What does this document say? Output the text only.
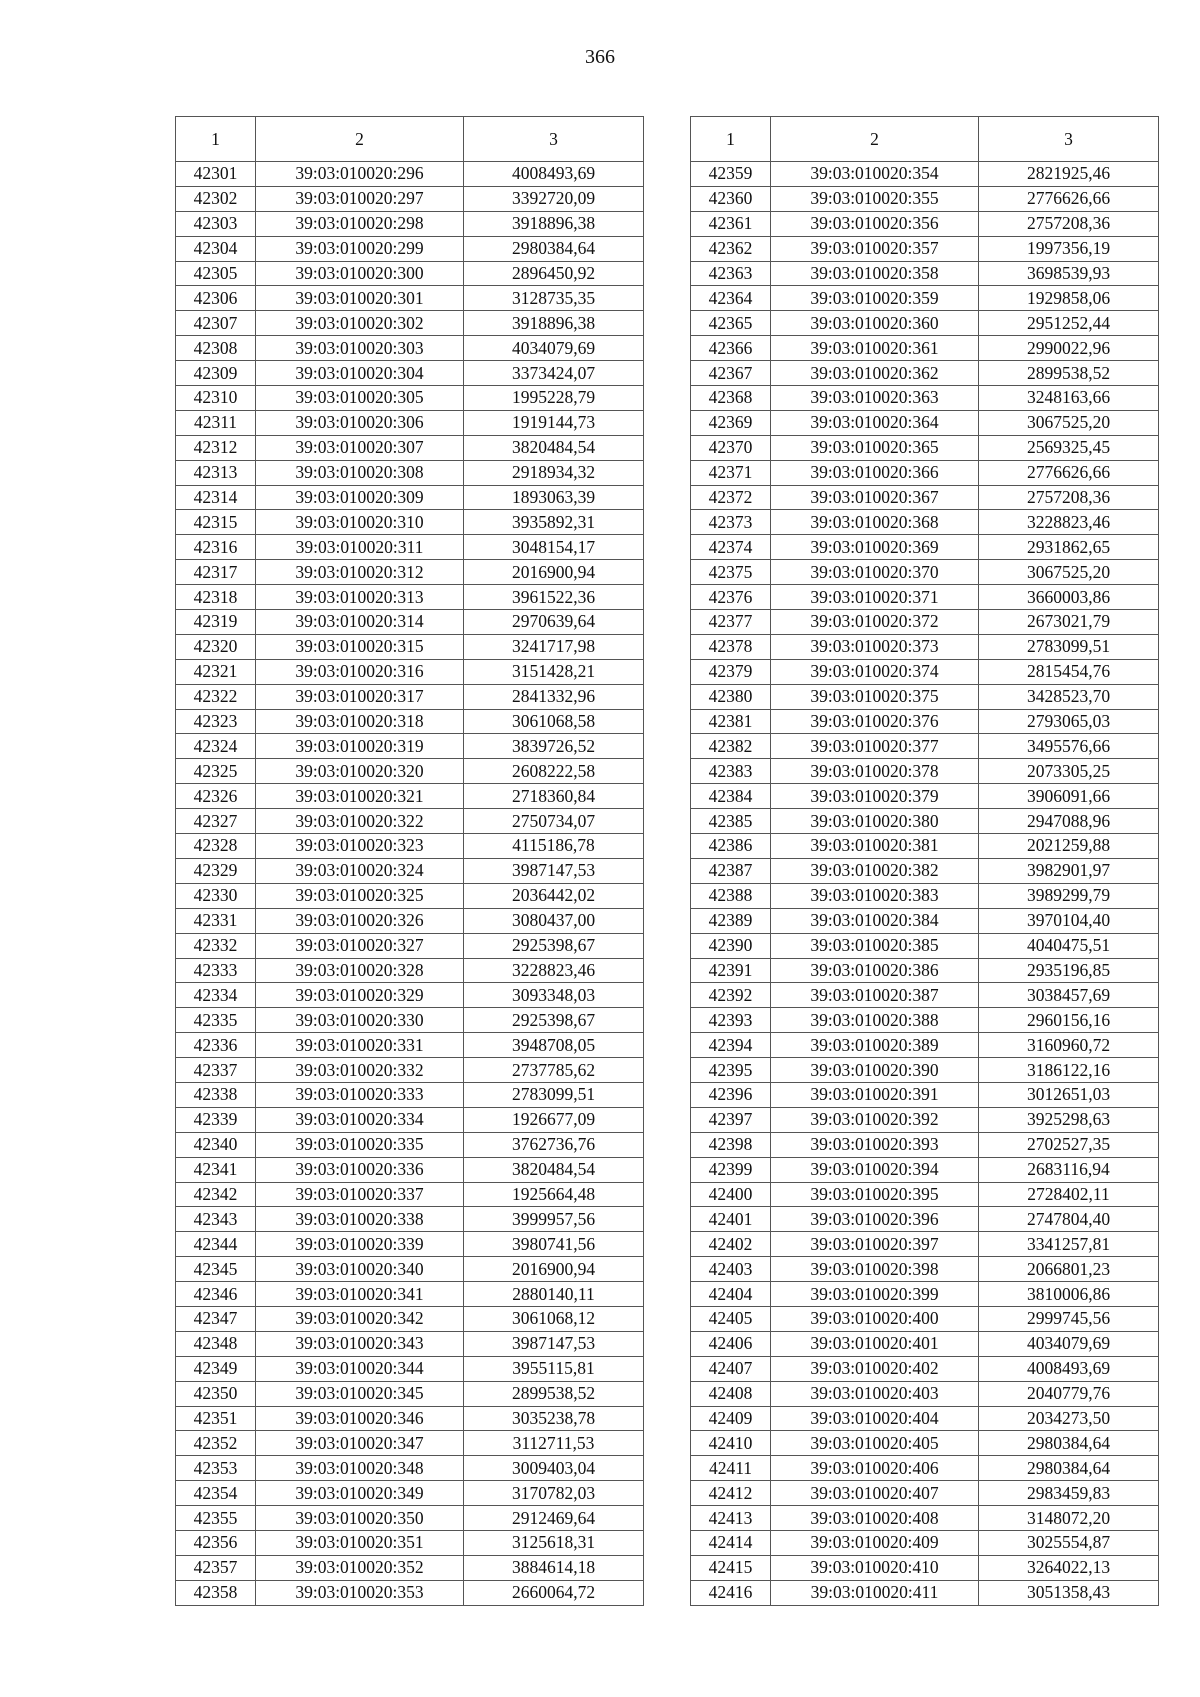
366
1	2	3
42301	39:03:010020:296	4008493,69
42302	39:03:010020:297	3392720,09
42303	39:03:010020:298	3918896,38
42304	39:03:010020:299	2980384,64
42305	39:03:010020:300	2896450,92
42306	39:03:010020:301	3128735,35
42307	39:03:010020:302	3918896,38
42308	39:03:010020:303	4034079,69
42309	39:03:010020:304	3373424,07
42310	39:03:010020:305	1995228,79
42311	39:03:010020:306	1919144,73
42312	39:03:010020:307	3820484,54
42313	39:03:010020:308	2918934,32
42314	39:03:010020:309	1893063,39
42315	39:03:010020:310	3935892,31
42316	39:03:010020:311	3048154,17
42317	39:03:010020:312	2016900,94
42318	39:03:010020:313	3961522,36
42319	39:03:010020:314	2970639,64
42320	39:03:010020:315	3241717,98
42321	39:03:010020:316	3151428,21
42322	39:03:010020:317	2841332,96
42323	39:03:010020:318	3061068,58
42324	39:03:010020:319	3839726,52
42325	39:03:010020:320	2608222,58
42326	39:03:010020:321	2718360,84
42327	39:03:010020:322	2750734,07
42328	39:03:010020:323	4115186,78
42329	39:03:010020:324	3987147,53
42330	39:03:010020:325	2036442,02
42331	39:03:010020:326	3080437,00
42332	39:03:010020:327	2925398,67
42333	39:03:010020:328	3228823,46
42334	39:03:010020:329	3093348,03
42335	39:03:010020:330	2925398,67
42336	39:03:010020:331	3948708,05
42337	39:03:010020:332	2737785,62
42338	39:03:010020:333	2783099,51
42339	39:03:010020:334	1926677,09
42340	39:03:010020:335	3762736,76
42341	39:03:010020:336	3820484,54
42342	39:03:010020:337	1925664,48
42343	39:03:010020:338	3999957,56
42344	39:03:010020:339	3980741,56
42345	39:03:010020:340	2016900,94
42346	39:03:010020:341	2880140,11
42347	39:03:010020:342	3061068,12
42348	39:03:010020:343	3987147,53
42349	39:03:010020:344	3955115,81
42350	39:03:010020:345	2899538,52
42351	39:03:010020:346	3035238,78
42352	39:03:010020:347	3112711,53
42353	39:03:010020:348	3009403,04
42354	39:03:010020:349	3170782,03
42355	39:03:010020:350	2912469,64
42356	39:03:010020:351	3125618,31
42357	39:03:010020:352	3884614,18
42358	39:03:010020:353	2660064,72
1	2	3
42359	39:03:010020:354	2821925,46
42360	39:03:010020:355	2776626,66
42361	39:03:010020:356	2757208,36
42362	39:03:010020:357	1997356,19
42363	39:03:010020:358	3698539,93
42364	39:03:010020:359	1929858,06
42365	39:03:010020:360	2951252,44
42366	39:03:010020:361	2990022,96
42367	39:03:010020:362	2899538,52
42368	39:03:010020:363	3248163,66
42369	39:03:010020:364	3067525,20
42370	39:03:010020:365	2569325,45
42371	39:03:010020:366	2776626,66
42372	39:03:010020:367	2757208,36
42373	39:03:010020:368	3228823,46
42374	39:03:010020:369	2931862,65
42375	39:03:010020:370	3067525,20
42376	39:03:010020:371	3660003,86
42377	39:03:010020:372	2673021,79
42378	39:03:010020:373	2783099,51
42379	39:03:010020:374	2815454,76
42380	39:03:010020:375	3428523,70
42381	39:03:010020:376	2793065,03
42382	39:03:010020:377	3495576,66
42383	39:03:010020:378	2073305,25
42384	39:03:010020:379	3906091,66
42385	39:03:010020:380	2947088,96
42386	39:03:010020:381	2021259,88
42387	39:03:010020:382	3982901,97
42388	39:03:010020:383	3989299,79
42389	39:03:010020:384	3970104,40
42390	39:03:010020:385	4040475,51
42391	39:03:010020:386	2935196,85
42392	39:03:010020:387	3038457,69
42393	39:03:010020:388	2960156,16
42394	39:03:010020:389	3160960,72
42395	39:03:010020:390	3186122,16
42396	39:03:010020:391	3012651,03
42397	39:03:010020:392	3925298,63
42398	39:03:010020:393	2702527,35
42399	39:03:010020:394	2683116,94
42400	39:03:010020:395	2728402,11
42401	39:03:010020:396	2747804,40
42402	39:03:010020:397	3341257,81
42403	39:03:010020:398	2066801,23
42404	39:03:010020:399	3810006,86
42405	39:03:010020:400	2999745,56
42406	39:03:010020:401	4034079,69
42407	39:03:010020:402	4008493,69
42408	39:03:010020:403	2040779,76
42409	39:03:010020:404	2034273,50
42410	39:03:010020:405	2980384,64
42411	39:03:010020:406	2980384,64
42412	39:03:010020:407	2983459,83
42413	39:03:010020:408	3148072,20
42414	39:03:010020:409	3025554,87
42415	39:03:010020:410	3264022,13
42416	39:03:010020:411	3051358,43
